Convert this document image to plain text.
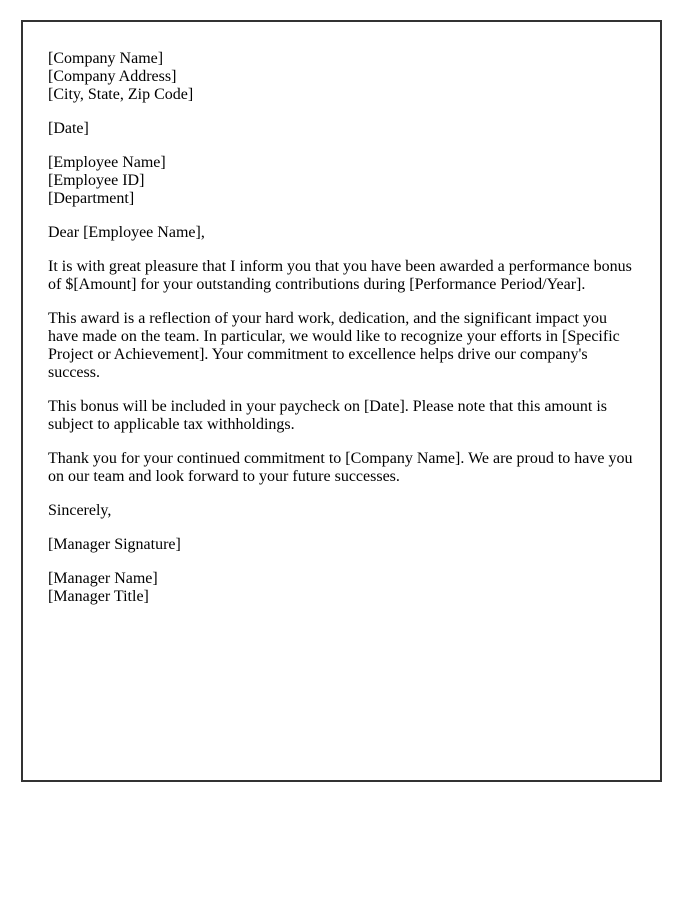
[Company Name]
[Company Address]
[City, State, Zip Code]

[Date]

[Employee Name]
[Employee ID]
[Department]

Dear [Employee Name],

It is with great pleasure that I inform you that you have been awarded a performance bonus of $[Amount] for your outstanding contributions during [Performance Period/Year].

This award is a reflection of your hard work, dedication, and the significant impact you have made on the team. In particular, we would like to recognize your efforts in [Specific Project or Achievement]. Your commitment to excellence helps drive our company's success.

This bonus will be included in your paycheck on [Date]. Please note that this amount is subject to applicable tax withholdings.

Thank you for your continued commitment to [Company Name]. We are proud to have you on our team and look forward to your future successes.

Sincerely,

[Manager Signature]

[Manager Name]
[Manager Title]
